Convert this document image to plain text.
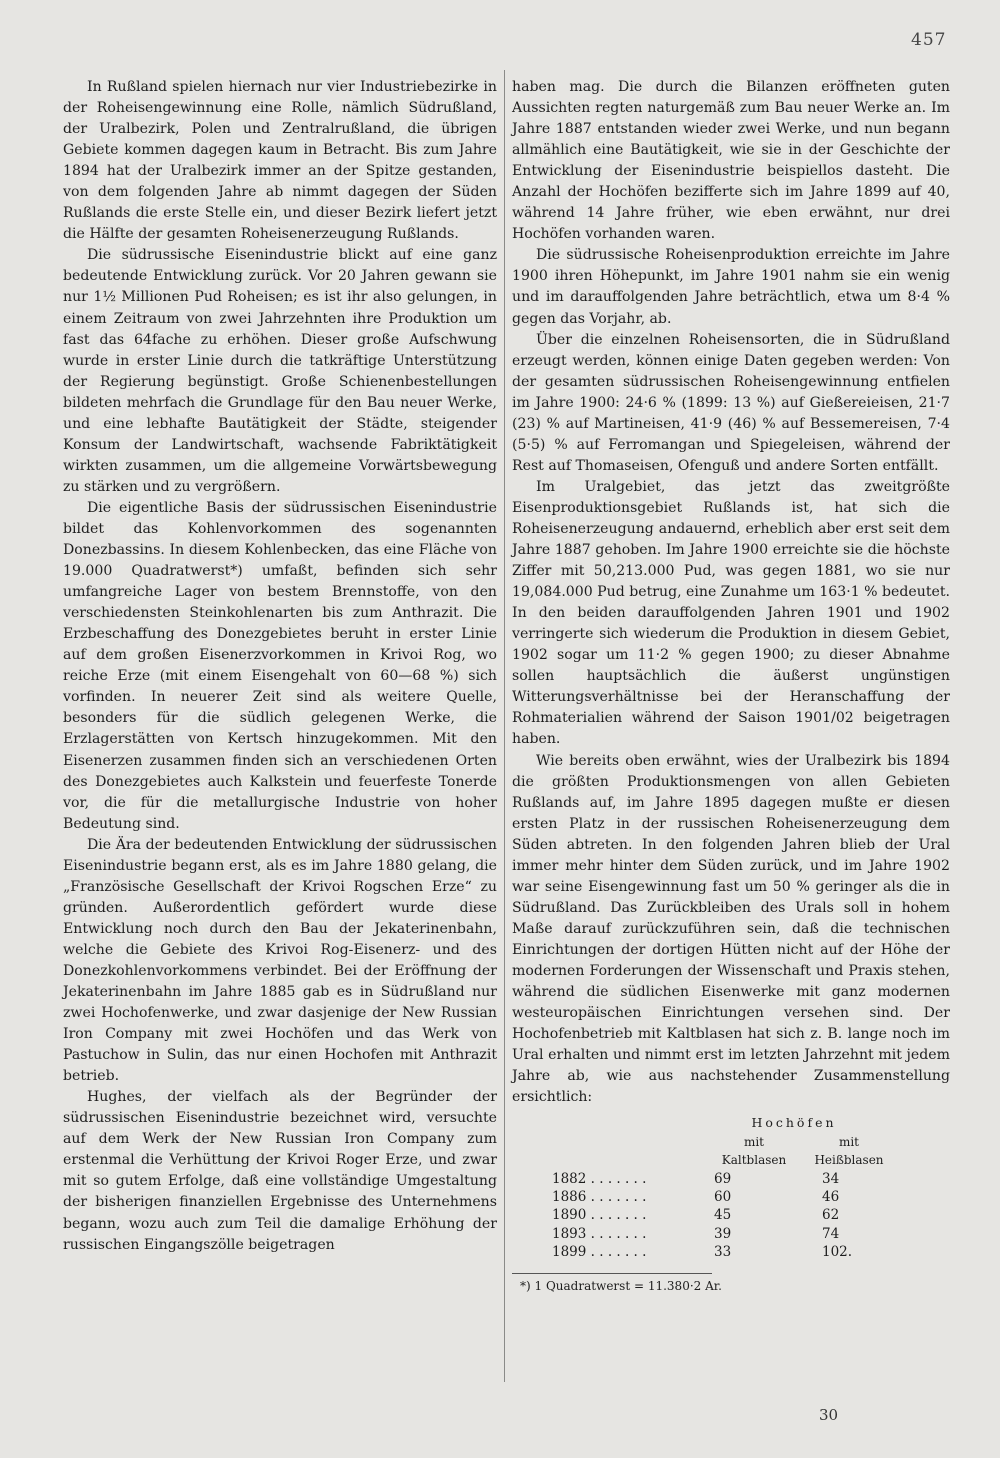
457

In Rußland spielen hiernach nur vier Industriebezirke in der Roheisengewinnung eine Rolle, nämlich Südrußland, der Uralbezirk, Polen und Zentralrußland, die übrigen Gebiete kommen dagegen kaum in Betracht. Bis zum Jahre 1894 hat der Uralbezirk immer an der Spitze gestanden, von dem folgenden Jahre ab nimmt dagegen der Süden Rußlands die erste Stelle ein, und dieser Bezirk liefert jetzt die Hälfte der gesamten Roheisenerzeugung Rußlands.

Die südrussische Eisenindustrie blickt auf eine ganz bedeutende Entwicklung zurück. Vor 20 Jahren gewann sie nur 1½ Millionen Pud Roheisen; es ist ihr also gelungen, in einem Zeitraum von zwei Jahrzehnten ihre Produktion um fast das 64fache zu erhöhen. Dieser große Aufschwung wurde in erster Linie durch die tatkräftige Unterstützung der Regierung begünstigt. Große Schienenbestellungen bildeten mehrfach die Grundlage für den Bau neuer Werke, und eine lebhafte Bautätigkeit der Städte, steigender Konsum der Landwirtschaft, wachsende Fabriktätigkeit wirkten zusammen, um die allgemeine Vorwärtsbewegung zu stärken und zu vergrößern.

Die eigentliche Basis der südrussischen Eisenindustrie bildet das Kohlenvorkommen des sogenannten Donezbassins. In diesem Kohlenbecken, das eine Fläche von 19.000 Quadratwerst*) umfaßt, befinden sich sehr umfangreiche Lager von bestem Brennstoffe, von den verschiedensten Steinkohlenarten bis zum Anthrazit. Die Erzbeschaffung des Donezgebietes beruht in erster Linie auf dem großen Eisenerzvorkommen in Krivoi Rog, wo reiche Erze (mit einem Eisengehalt von 60—68 %) sich vorfinden. In neuerer Zeit sind als weitere Quelle, besonders für die südlich gelegenen Werke, die Erzlagerstätten von Kertsch hinzugekommen. Mit den Eisenerzen zusammen finden sich an verschiedenen Orten des Donezgebietes auch Kalkstein und feuerfeste Tonerde vor, die für die metallurgische Industrie von hoher Bedeutung sind.

Die Ära der bedeutenden Entwicklung der südrussischen Eisenindustrie begann erst, als es im Jahre 1880 gelang, die „Französische Gesellschaft der Krivoi Rogschen Erze“ zu gründen. Außerordentlich gefördert wurde diese Entwicklung noch durch den Bau der Jekaterinenbahn, welche die Gebiete des Krivoi Rog-Eisenerz- und des Donezkohlenvorkommens verbindet. Bei der Eröffnung der Jekaterinenbahn im Jahre 1885 gab es in Südrußland nur zwei Hochofenwerke, und zwar dasjenige der New Russian Iron Company mit zwei Hochöfen und das Werk von Pastuchow in Sulin, das nur einen Hochofen mit Anthrazit betrieb.

Hughes, der vielfach als der Begründer der südrussischen Eisenindustrie bezeichnet wird, versuchte auf dem Werk der New Russian Iron Company zum erstenmal die Verhüttung der Krivoi Roger Erze, und zwar mit so gutem Erfolge, daß eine vollständige Umgestaltung der bisherigen finanziellen Ergebnisse des Unternehmens begann, wozu auch zum Teil die damalige Erhöhung der russischen Eingangszölle beigetragen

haben mag. Die durch die Bilanzen eröffneten guten Aussichten regten naturgemäß zum Bau neuer Werke an. Im Jahre 1887 entstanden wieder zwei Werke, und nun begann allmählich eine Bautätigkeit, wie sie in der Geschichte der Entwicklung der Eisenindustrie beispiellos dasteht. Die Anzahl der Hochöfen bezifferte sich im Jahre 1899 auf 40, während 14 Jahre früher, wie eben erwähnt, nur drei Hochöfen vorhanden waren.

Die südrussische Roheisenproduktion erreichte im Jahre 1900 ihren Höhepunkt, im Jahre 1901 nahm sie ein wenig und im darauffolgenden Jahre beträchtlich, etwa um 8·4 % gegen das Vorjahr, ab.

Über die einzelnen Roheisensorten, die in Südrußland erzeugt werden, können einige Daten gegeben werden: Von der gesamten südrussischen Roheisengewinnung entfielen im Jahre 1900: 24·6 % (1899: 13 %) auf Gießereieisen, 21·7 (23) % auf Martineisen, 41·9 (46) % auf Bessemereisen, 7·4 (5·5) % auf Ferromangan und Spiegeleisen, während der Rest auf Thomaseisen, Ofenguß und andere Sorten entfällt.

Im Uralgebiet, das jetzt das zweitgrößte Eisenproduktionsgebiet Rußlands ist, hat sich die Roheisenerzeugung andauernd, erheblich aber erst seit dem Jahre 1887 gehoben. Im Jahre 1900 erreichte sie die höchste Ziffer mit 50,213.000 Pud, was gegen 1881, wo sie nur 19,084.000 Pud betrug, eine Zunahme um 163·1 % bedeutet. In den beiden darauffolgenden Jahren 1901 und 1902 verringerte sich wiederum die Produktion in diesem Gebiet, 1902 sogar um 11·2 % gegen 1900; zu dieser Abnahme sollen hauptsächlich die äußerst ungünstigen Witterungsverhältnisse bei der Heranschaffung der Rohmaterialien während der Saison 1901/02 beigetragen haben.

Wie bereits oben erwähnt, wies der Uralbezirk bis 1894 die größten Produktionsmengen von allen Gebieten Rußlands auf, im Jahre 1895 dagegen mußte er diesen ersten Platz in der russischen Roheisenerzeugung dem Süden abtreten. In den folgenden Jahren blieb der Ural immer mehr hinter dem Süden zurück, und im Jahre 1902 war seine Eisengewinnung fast um 50 % geringer als die in Südrußland. Das Zurückbleiben des Urals soll in hohem Maße darauf zurückzuführen sein, daß die technischen Einrichtungen der dortigen Hütten nicht auf der Höhe der modernen Forderungen der Wissenschaft und Praxis stehen, während die südlichen Eisenwerke mit ganz modernen westeuropäischen Einrichtungen versehen sind. Der Hochofenbetrieb mit Kaltblasen hat sich z. B. lange noch im Ural erhalten und nimmt erst im letzten Jahrzehnt mit jedem Jahre ab, wie aus nachstehender Zusammenstellung ersichtlich:

Hochöfen		
	mit Kaltblasen	mit Heißblasen
1882 . . . . . . .	69	34
1886 . . . . . . .	60	46
1890 . . . . . . .	45	62
1893 . . . . . . .	39	74
1899 . . . . . . .	33	102.
*) 1 Quadratwerst = 11.380·2 Ar.
30
